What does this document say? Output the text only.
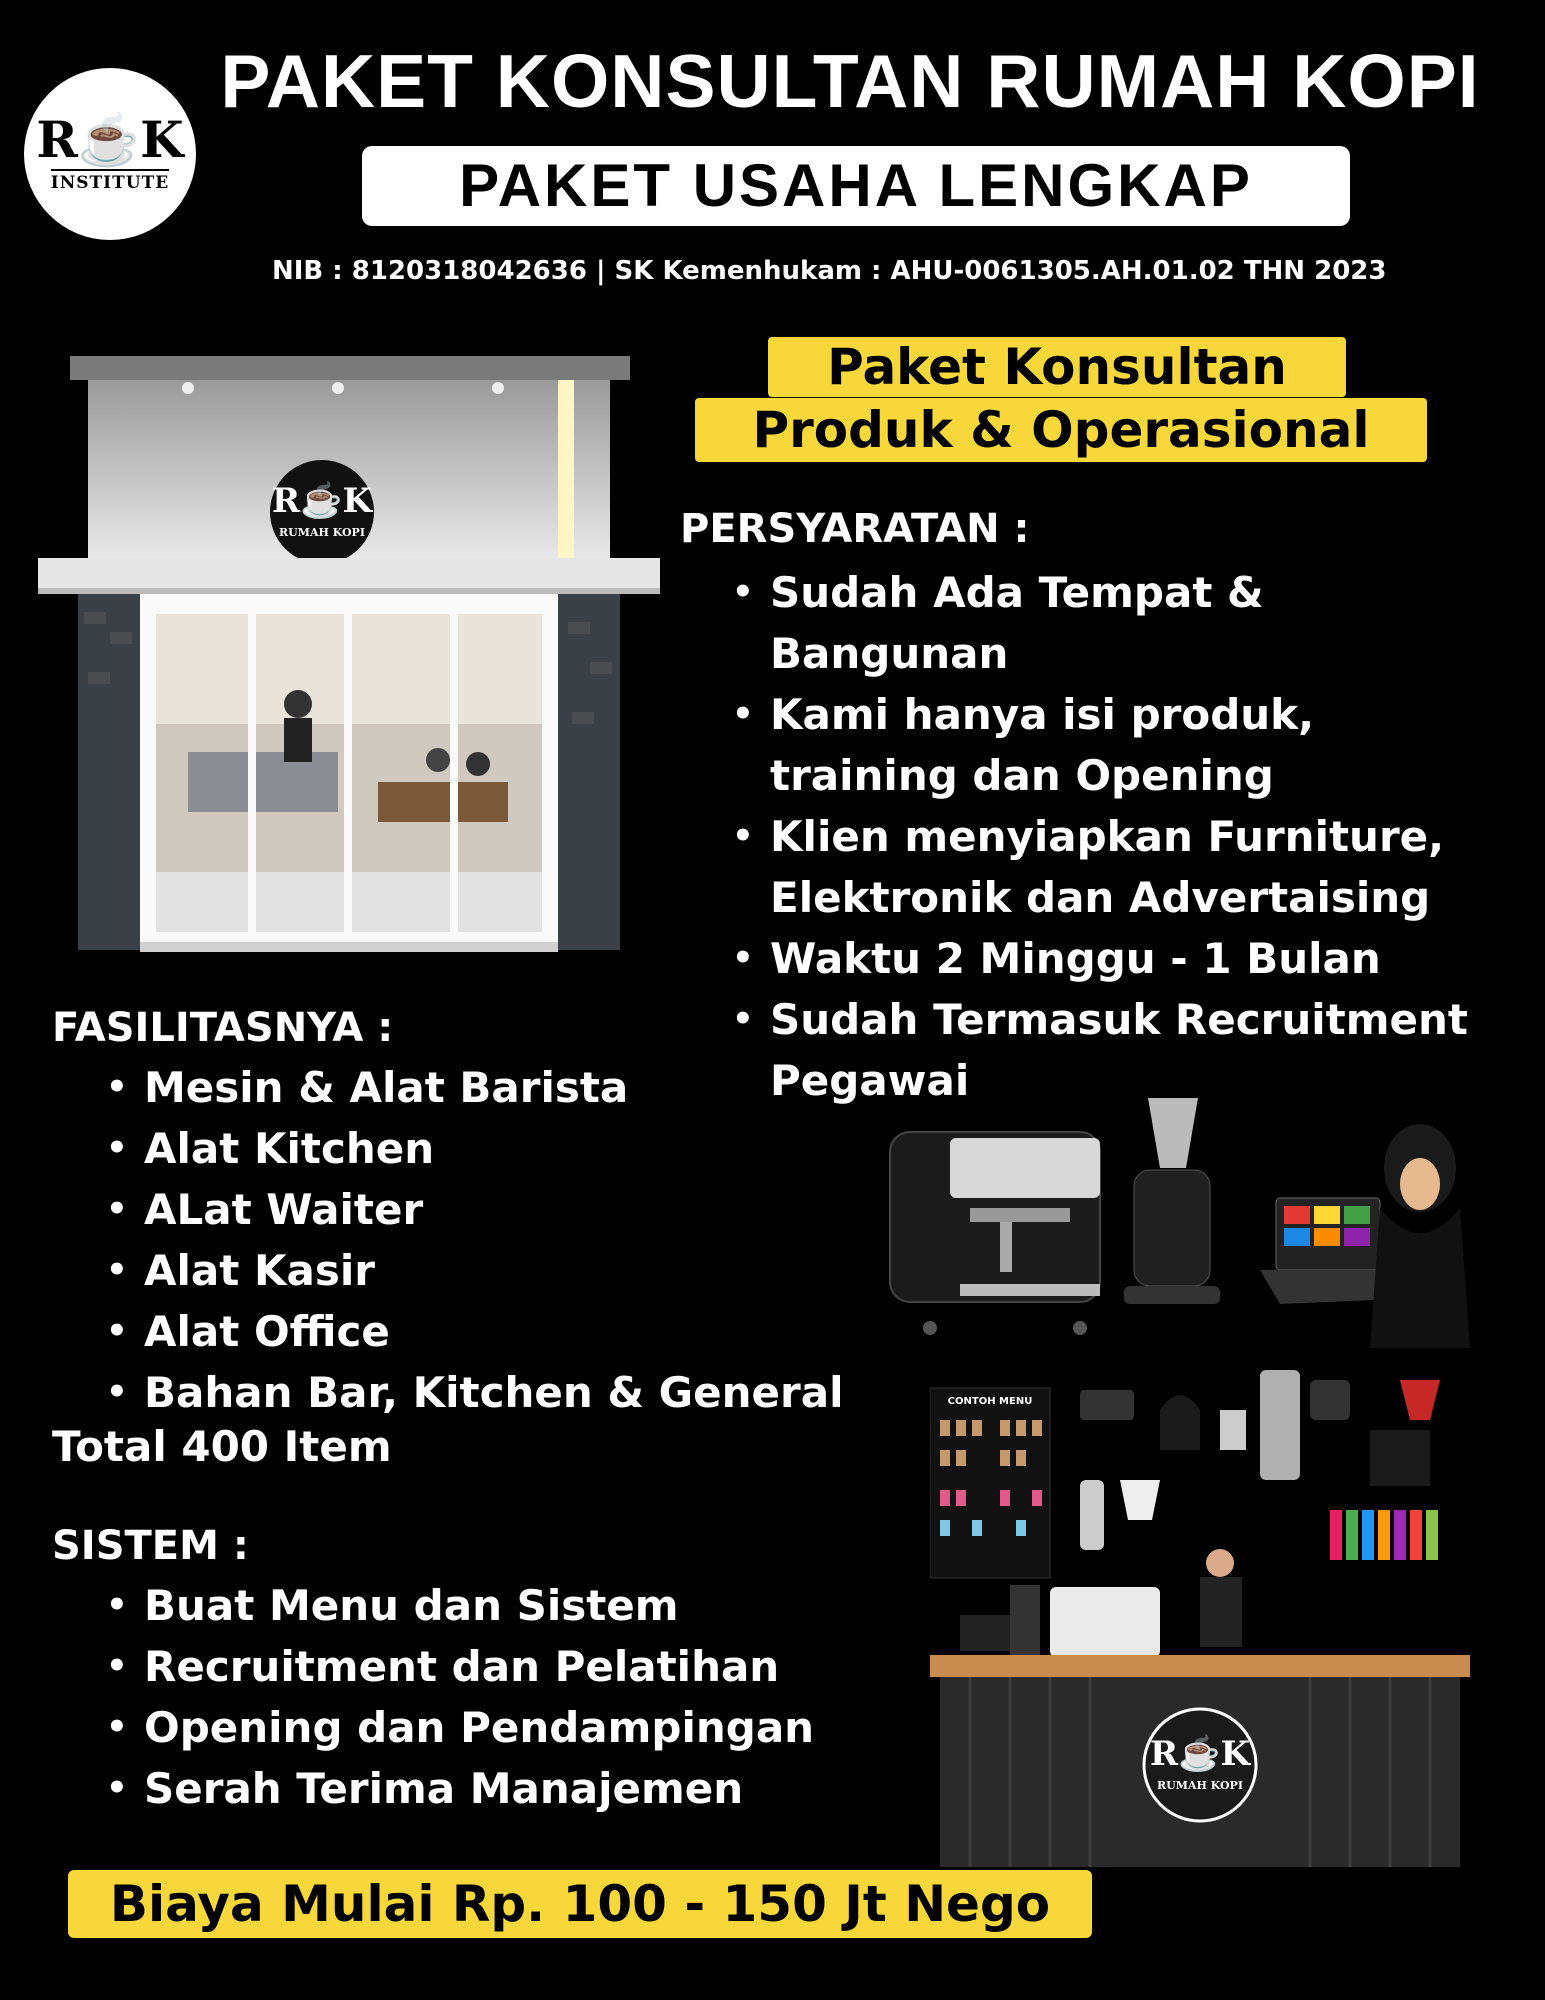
R☕K
INSTITUTE
PAKET KONSULTAN RUMAH KOPI
PAKET USAHA LENGKAP
NIB : 8120318042636 | SK Kemenhukam : AHU-0061305.AH.01.02 THN 2023
R☕K
RUMAH KOPI
Paket Konsultan
Produk & Operasional
PERSYARATAN :
• Sudah Ada Tempat & Bangunan
• Kami hanya isi produk, training dan Opening
• Klien menyiapkan Furniture, Elektronik dan Advertaising
• Waktu 2 Minggu - 1 Bulan
• Sudah Termasuk Recruitment Pegawai
CONTOH MENU
R☕K
RUMAH KOPI
FASILITASNYA :
• Mesin & Alat Barista
• Alat Kitchen
• ALat Waiter
• Alat Kasir
• Alat Office
• Bahan Bar, Kitchen & General
Total 400 Item
SISTEM :
• Buat Menu dan Sistem
• Recruitment dan Pelatihan
• Opening dan Pendampingan
• Serah Terima Manajemen
Biaya Mulai Rp. 100 - 150 Jt Nego
